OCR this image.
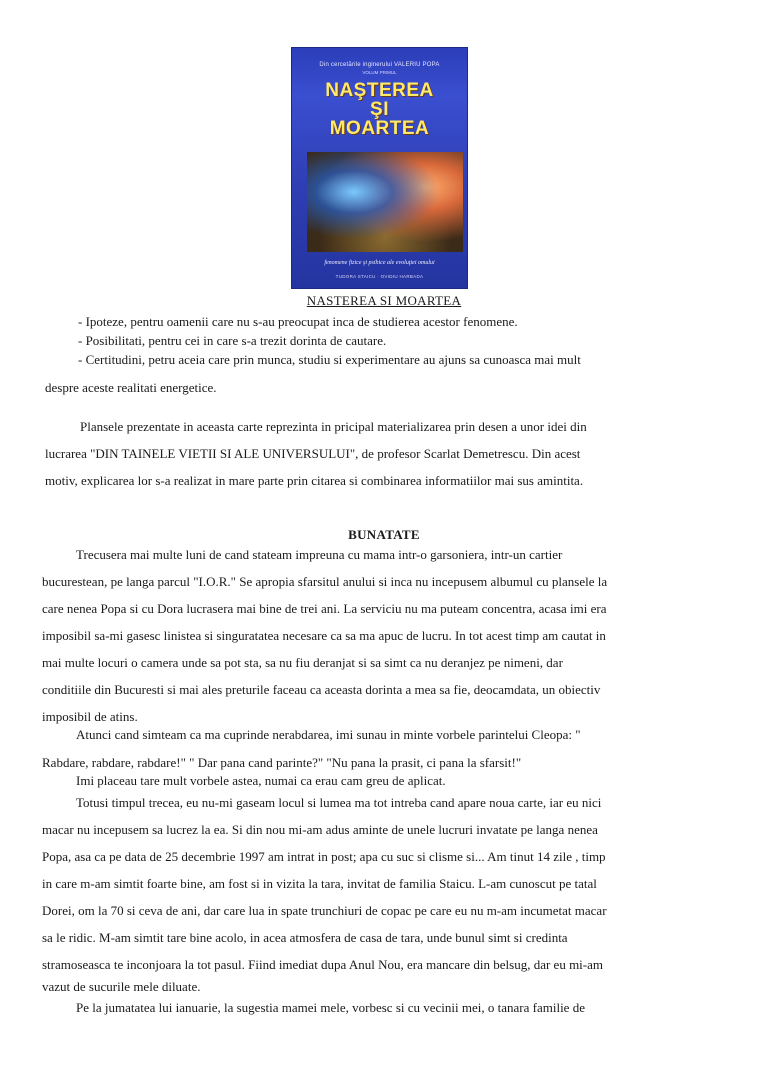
Din cercetările inginerului VALERIU POPA
VOLUM PRIMUL
NAŞTEREA
ŞI
MOARTEA
fenomene fizice şi psihice ale evoluţiei omului
TUDORA STAICU · OVIDIU HARBADA
NASTEREA SI MOARTEA
- Ipoteze, pentru oamenii care nu s-au preocupat inca de studierea acestor fenomene.
- Posibilitati, pentru cei in care s-a trezit dorinta de cautare.
- Certitudini, petru aceia care prin munca, studiu si experimentare au ajuns sa cunoasca mai mult
despre aceste realitati energetice.
Plansele prezentate in aceasta carte reprezinta in pricipal materializarea prin desen a unor idei din
lucrarea "DIN TAINELE VIETII SI ALE UNIVERSULUI", de profesor Scarlat Demetrescu. Din acest
motiv, explicarea lor s-a realizat in mare parte prin citarea si combinarea informatiilor mai sus amintita.
BUNATATE
Trecusera mai multe luni de cand stateam impreuna cu mama intr-o garsoniera, intr-un cartier
bucurestean, pe langa parcul "I.O.R." Se apropia sfarsitul anului si inca nu incepusem albumul cu plansele la
care nenea Popa si cu Dora lucrasera mai bine de trei ani. La serviciu nu ma puteam concentra, acasa imi era
imposibil sa-mi gasesc linistea si singuratatea necesare ca sa ma apuc de lucru. In tot acest timp am cautat in
mai multe locuri o camera unde sa pot sta, sa nu fiu deranjat si sa simt ca nu deranjez pe nimeni, dar
conditiile din Bucuresti si mai ales preturile faceau ca aceasta dorinta a mea sa fie, deocamdata, un obiectiv
imposibil de atins.
Atunci cand simteam ca ma cuprinde nerabdarea, imi sunau in minte vorbele parintelui Cleopa: "
Rabdare, rabdare, rabdare!" " Dar pana cand parinte?" "Nu pana la prasit, ci pana la sfarsit!"
Imi placeau tare mult vorbele astea, numai ca erau cam greu de aplicat.
Totusi timpul trecea, eu nu-mi gaseam locul si lumea ma tot intreba cand apare noua carte, iar eu nici
macar nu incepusem sa lucrez la ea. Si din nou mi-am adus aminte de unele lucruri invatate pe langa nenea
Popa, asa ca pe data de 25 decembrie 1997 am intrat in post; apa cu suc si clisme si... Am tinut 14 zile , timp
in care m-am simtit foarte bine, am fost si in vizita la tara, invitat de familia Staicu. L-am cunoscut pe tatal
Dorei, om la 70 si ceva de ani, dar care lua in spate trunchiuri de copac pe care eu nu m-am incumetat macar
sa le ridic. M-am simtit tare bine acolo, in acea atmosfera de casa de tara, unde bunul simt si credinta
stramoseasca te inconjoara la tot pasul. Fiind imediat dupa Anul Nou, era mancare din belsug, dar eu mi-am
vazut de sucurile mele diluate.
Pe la jumatatea lui ianuarie, la sugestia mamei mele, vorbesc si cu vecinii mei, o tanara familie de
